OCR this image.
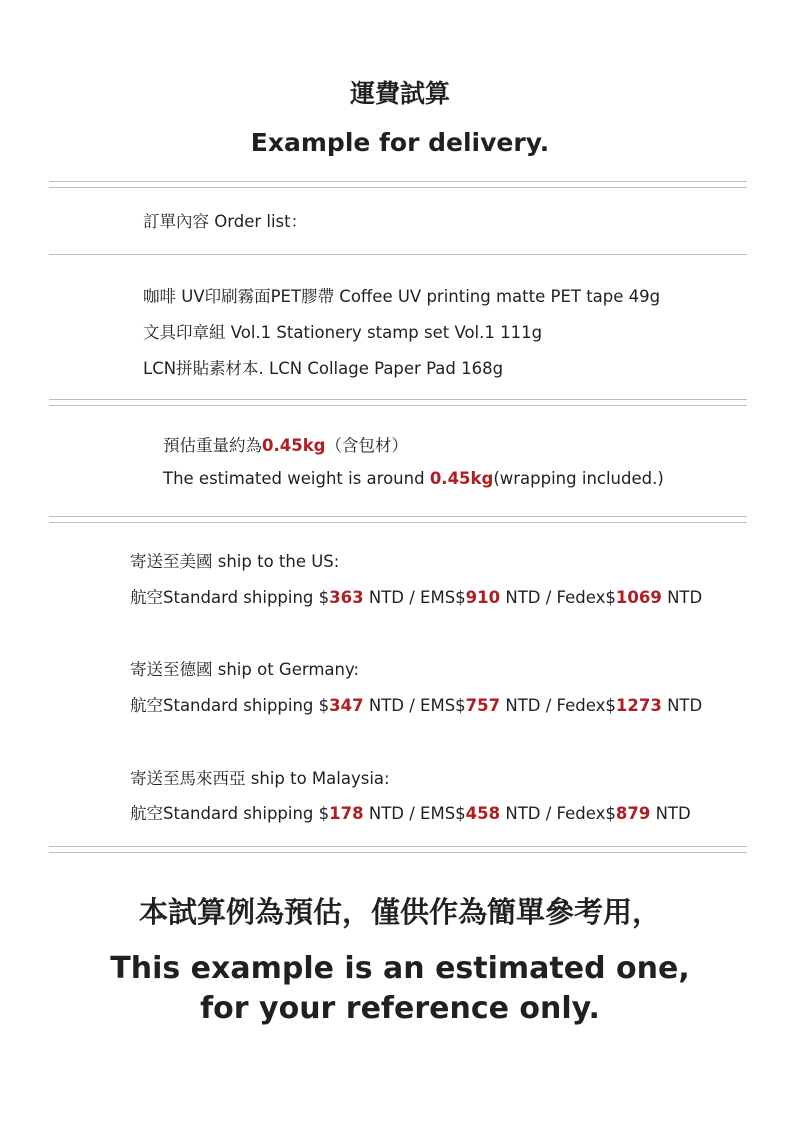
運費試算
Example for delivery.
訂單內容 Order list：
咖啡 UV印刷霧面PET膠帶 Coffee UV printing matte PET tape 49g
文具印章組 Vol.1 Stationery stamp set Vol.1 111g
LCN拼貼素材本. LCN Collage Paper Pad 168g
預估重量約為0.45kg（含包材）
The estimated weight is around 0.45kg(wrapping included.)
寄送至美國 ship to the US:
航空Standard shipping $363 NTD / EMS$910 NTD / Fedex$1069 NTD
寄送至德國 ship ot Germany:
航空Standard shipping $347 NTD / EMS$757 NTD / Fedex$1273 NTD
寄送至馬來西亞 ship to Malaysia:
航空Standard shipping $178 NTD / EMS$458 NTD / Fedex$879 NTD
本試算例為預估，僅供作為簡單參考用，
This example is an estimated one,
for your reference only.
